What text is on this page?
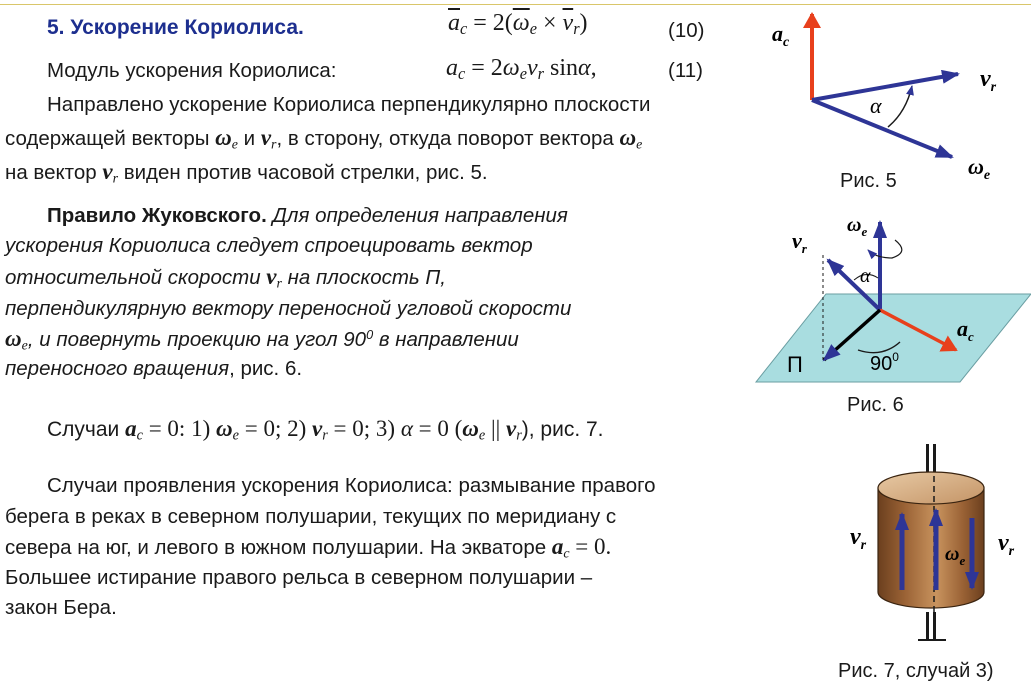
5. Ускорение Кориолиса.	$\overline{a}_c = 2(\overline{\omega}_e \times \overline{v}_r)$	(10)
Модуль ускорения Кориолиса:	$a_c = 2\omega_ev_r$ sinα,	(11)
Направлено ускорение Кориолиса перпендикулярно плоскости
содержащей векторы $\omega_e$ и $v_r$, в сторону, откуда поворот вектора $\omega_e$
на вектор $v_r$ виден против часовой стрелки, рис. 5.
Правило Жуковского. Для определения направления
ускорения Кориолиса следует спроецировать вектор
относительной скорости $v_r$ на плоскость П,
перпендикулярную вектору переносной угловой скорости
$\omega_e$, и повернуть проекцию на угол $90^0$ в направлении
переносного вращения, рис. 6.
Случаи $a_c = 0$: 1) $\omega_e = 0$; 2) $v_r = 0$; 3) α = 0 ($\omega_e$ || $v_r$), рис. 7.
Случаи проявления ускорения Кориолиса: размывание правого
берега в реках в северном полушарии, текущих по меридиану с
севера на юг, и левого в южном полушарии. На экваторе $a_c = 0$.
Большее истирание правого рельса в северном полушарии –
закон Бера.
$a_c$
$v_r$
$\omega_e$
α
Рис. 5
$\omega_e$
$v_r$
α
$a_c$
П	$90^0$
Рис. 6
$v_r$	$\omega_e$
$v_r$
Рис. 7, случай 3)
